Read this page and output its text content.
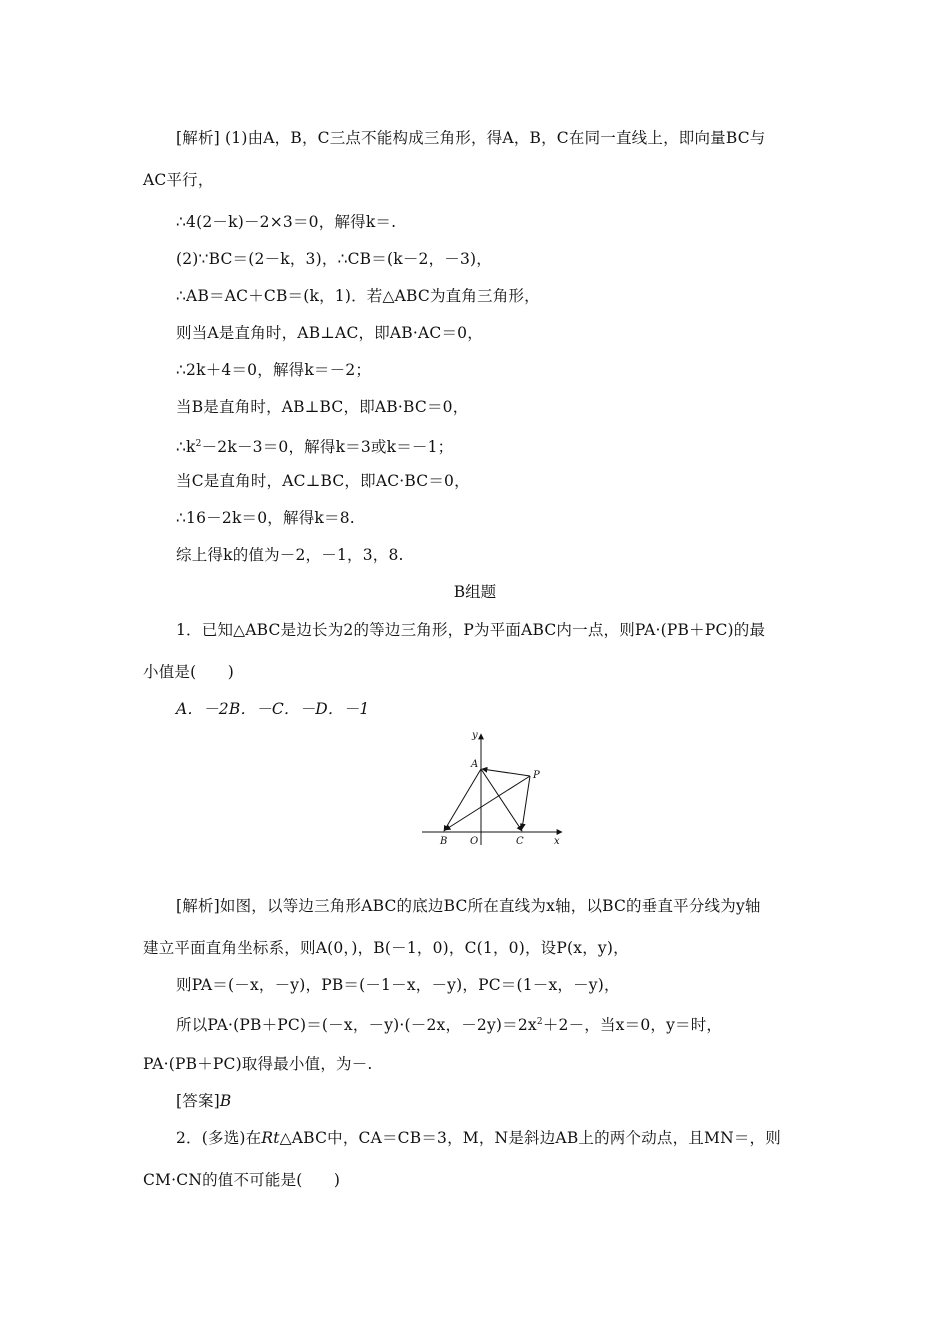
[解析] (1)由A，B，C三点不能构成三角形，得A，B，C在同一直线上，即向量BC与
AC平行，
∴4(2－k)－2×3＝0，解得k＝.
(2)∵BC＝(2－k，3)，∴CB＝(k－2，－3)，
∴AB＝AC＋CB＝(k，1)．若△ABC为直角三角形，
则当A是直角时，AB⊥AC，即AB·AC＝0，
∴2k＋4＝0，解得k＝－2；
当B是直角时，AB⊥BC，即AB·BC＝0，
$\therefore k^2-2k-3=0$，解得k＝3或k＝－1；
当C是直角时，AC⊥BC，即AC·BC＝0，
∴16－2k＝0，解得k＝8.
综上得k的值为－2，－1，3，8.
B组题
1．已知△ABC是边长为2的等边三角形，P为平面ABC内一点，则PA·(PB＋PC)的最
小值是(　　)
A．－2B．－C．－D．－1
y
x
A
P
B O	C
[解析]如图，以等边三角形ABC的底边BC所在直线为x轴，以BC的垂直平分线为y轴
建立平面直角坐标系，则A(0，)，B(－1，0)，C(1，0)，设P(x，y)，
则PA＝(－x，－y)，PB＝(－1－x，－y)，PC＝(1－x，－y)，
所以PA·(PB＋PC)＝(－x，－y)·(－2x，$-2y)=2x^2+2-$，当x＝0，y＝时，
PA·(PB＋PC)取得最小值，为－.
[答案]B
2．(多选)在Rt△ABC中，CA＝CB＝3，M，N是斜边AB上的两个动点，且MN＝，则
CM·CN的值不可能是(　　)
